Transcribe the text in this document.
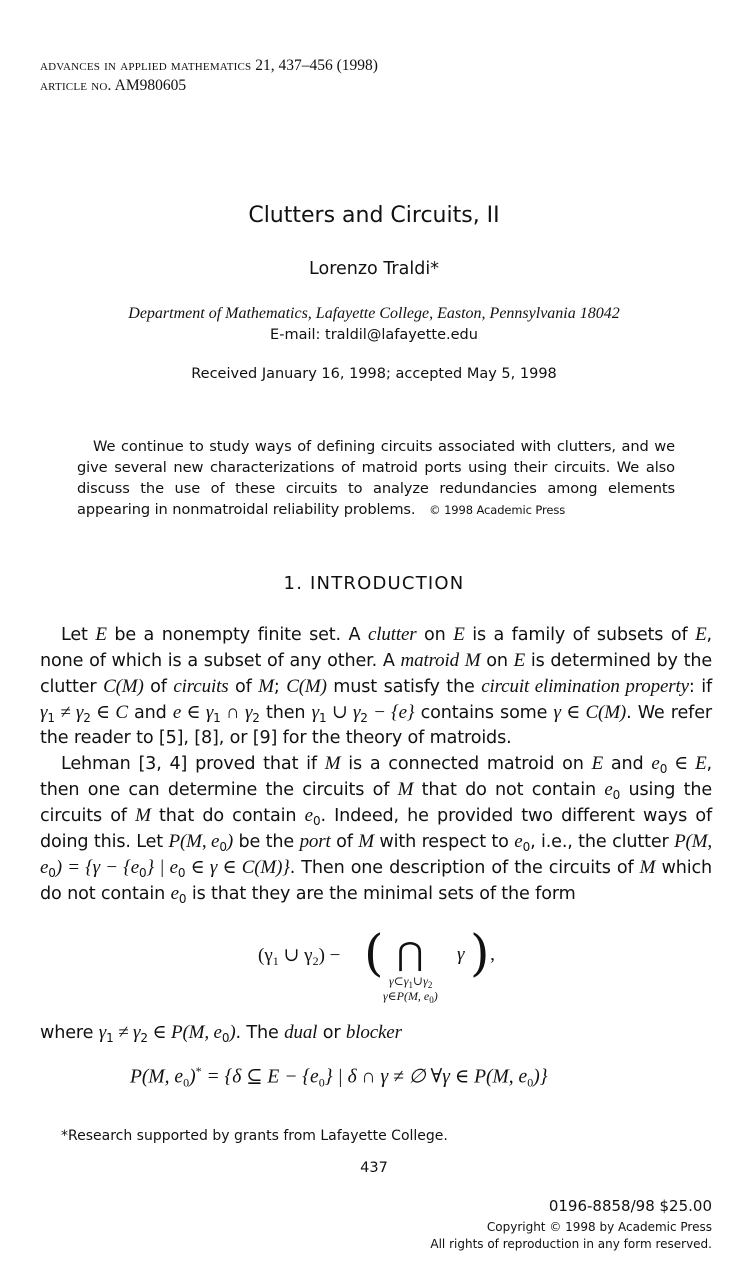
advances in applied mathematics 21, 437–456 (1998)
article no. AM980605
Clutters and Circuits, II
Lorenzo Traldi*
Department of Mathematics, Lafayette College, Easton, Pennsylvania 18042
E-mail: traldil@lafayette.edu
Received January 16, 1998; accepted May 5, 1998

We continue to study ways of defining circuits associated with clutters, and we give several new characterizations of matroid ports using their circuits. We also discuss the use of these circuits to analyze redundancies among elements appearing in nonmatroidal reliability problems. © 1998 Academic Press

1. INTRODUCTION

Let E be a nonempty finite set. A clutter on E is a family of subsets of E, none of which is a subset of any other. A matroid M on E is determined by the clutter C(M) of circuits of M; C(M) must satisfy the circuit elimination property: if $\gamma_1 \ne \gamma_2$ ∈ C and e ∈ $\gamma_1$ ∩ $\gamma_2$ then $\gamma_1$ ∪ $\gamma_2 - \{e\}$ contains some γ ∈ C(M). We refer the reader to [5], [8], or [9] for the theory of matroids.

Lehman [3, 4] proved that if M is a connected matroid on E and $e_0$ ∈ E, then one can determine the circuits of M that do not contain $e_0$ using the circuits of M that do contain $e_0$. Indeed, he provided two different ways of doing this. Let P(M, $e_0$) be the port of M with respect to $e_0$, i.e., the clutter P(M, $e_0) = \{\gamma - \{e_0\}$ | $e_0$ ∈ γ ∈ C(M)}. Then one description of the circuits of M which do not contain $e_0$ is that they are the minimal sets of the form

($\gamma_1$ ∪ $\gamma_2$) − ( ⋂ γ ) ,
$\gamma\subset\gamma_1\cup\gamma_2$
γ∈P(M, $e_0$)
where $\gamma_1 \ne \gamma_2$ ∈ P(M, $e_0$). The dual or blocker
P(M, $e_0)^* = \{\delta$ ⊆ $E - \{e_0\}$ | δ ∩ γ ≠ ∅ ∀γ ∈ P(M, $e_0$)}
*Research supported by grants from Lafayette College.
437
0196-8858/98 $25.00
Copyright © 1998 by Academic Press
All rights of reproduction in any form reserved.
